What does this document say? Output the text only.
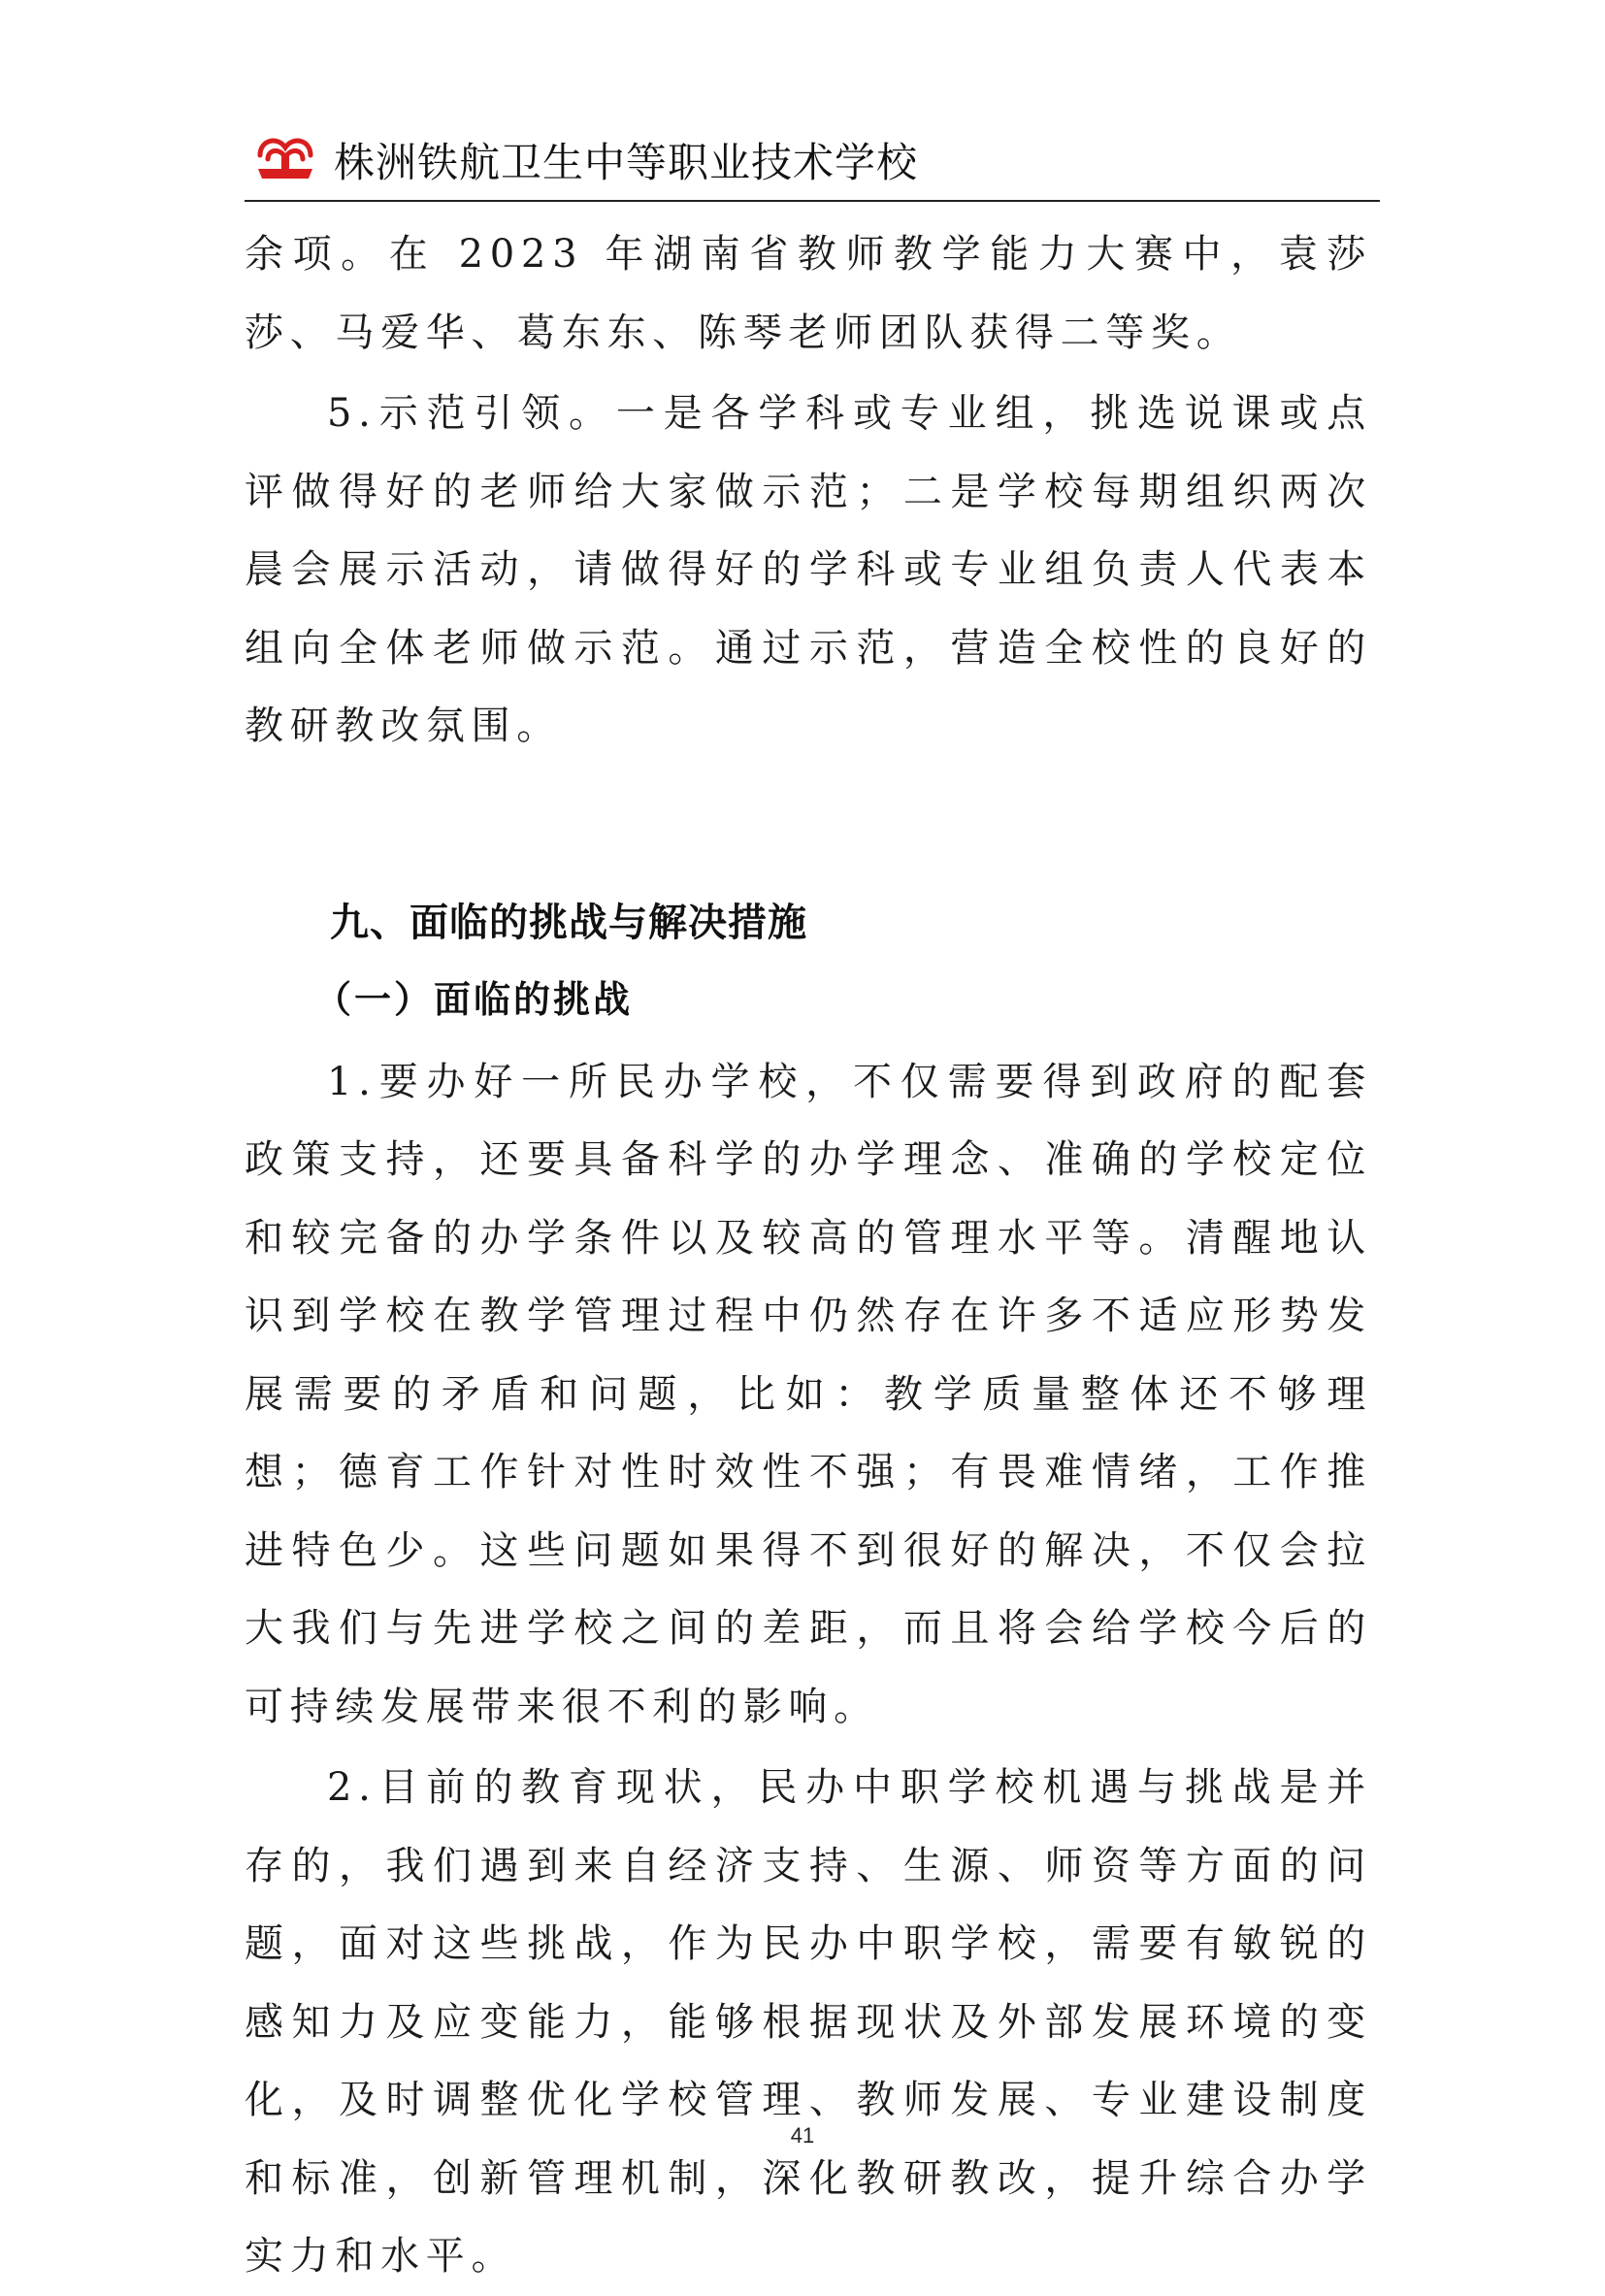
株洲铁航卫生中等职业技术学校

余项。在 2023 年湖南省教师教学能力大赛中，袁莎莎、马爱华、葛东东、陈琴老师团队获得二等奖。

5.示范引领。一是各学科或专业组，挑选说课或点评做得好的老师给大家做示范；二是学校每期组织两次晨会展示活动，请做得好的学科或专业组负责人代表本组向全体老师做示范。通过示范，营造全校性的良好的教研教改氛围。

九、面临的挑战与解决措施
（一）面临的挑战

1.要办好一所民办学校，不仅需要得到政府的配套政策支持，还要具备科学的办学理念、准确的学校定位和较完备的办学条件以及较高的管理水平等。清醒地认识到学校在教学管理过程中仍然存在许多不适应形势发展需要的矛盾和问题，比如：教学质量整体还不够理想；德育工作针对性时效性不强；有畏难情绪，工作推进特色少。这些问题如果得不到很好的解决，不仅会拉大我们与先进学校之间的差距，而且将会给学校今后的可持续发展带来很不利的影响。

2.目前的教育现状，民办中职学校机遇与挑战是并存的，我们遇到来自经济支持、生源、师资等方面的问题，面对这些挑战，作为民办中职学校，需要有敏锐的感知力及应变能力，能够根据现状及外部发展环境的变化，及时调整优化学校管理、教师发展、专业建设制度和标准，创新管理机制，深化教研教改，提升综合办学实力和水平。

41
